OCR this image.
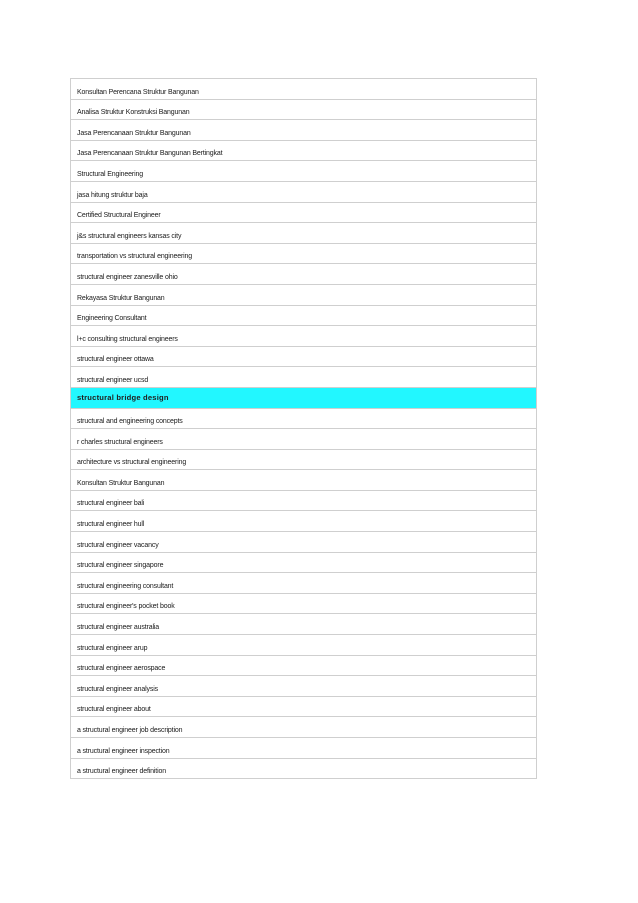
Konsultan Perencana Struktur Bangunan
Analisa Struktur Konstruksi Bangunan
Jasa Perencanaan Struktur Bangunan
Jasa Perencanaan Struktur Bangunan Bertingkat
Structural Engineering
jasa hitung struktur baja
Certified Structural Engineer
j&s structural engineers kansas city
transportation vs structural engineering
structural engineer zanesville ohio
Rekayasa Struktur Bangunan
Engineering Consultant
l+c consulting structural engineers
structural engineer ottawa
structural engineer ucsd
structural bridge design
structural and engineering concepts
r charles structural engineers
architecture vs structural engineering
Konsultan Struktur Bangunan
structural engineer bali
structural engineer hull
structural engineer vacancy
structural engineer singapore
structural engineering consultant
structural engineer's pocket book
structural engineer australia
structural engineer arup
structural engineer aerospace
structural engineer analysis
structural engineer about
a structural engineer job description
a structural engineer inspection
a structural engineer definition
